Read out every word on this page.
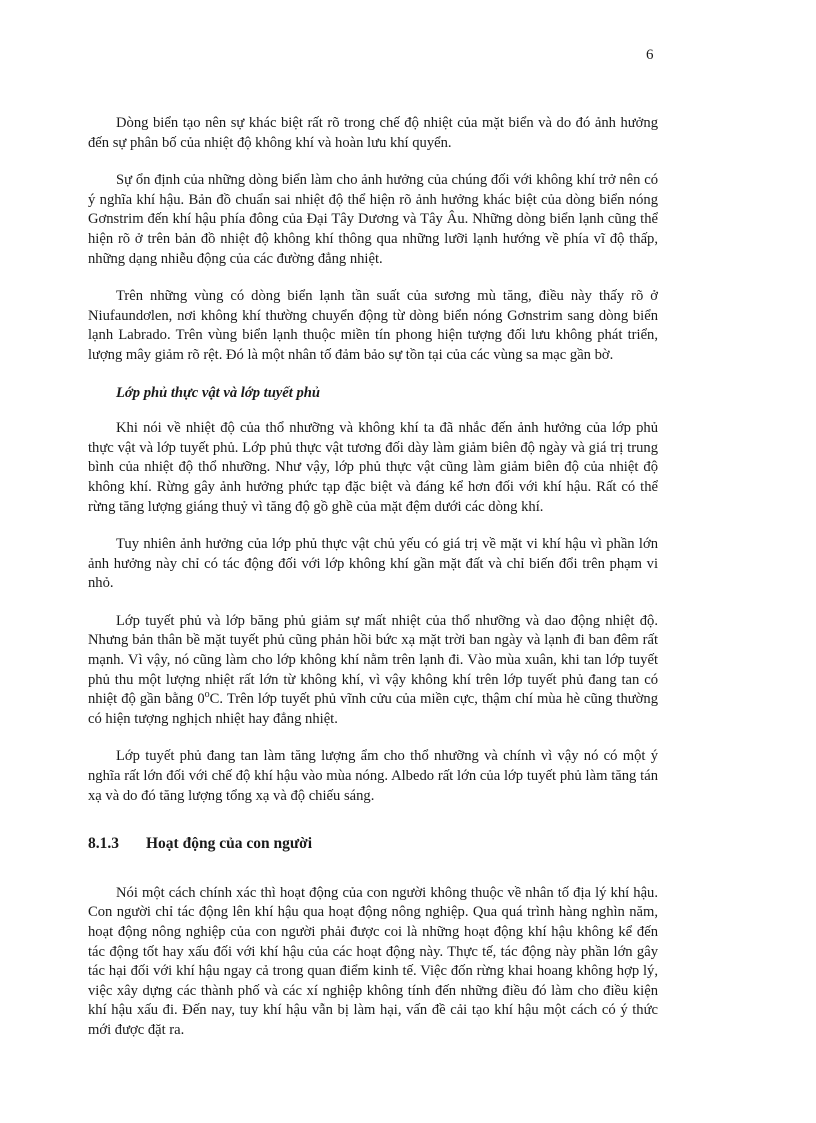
6

Dòng biển tạo nên sự khác biệt rất rõ trong chế độ nhiệt của mặt biển và do đó ảnh hưởng đến sự phân bố của nhiệt độ không khí và hoàn lưu khí quyển.

Sự ổn định của những dòng biển làm cho ảnh hưởng của chúng đối với không khí trở nên có ý nghĩa khí hậu. Bản đồ chuẩn sai nhiệt độ thể hiện rõ ảnh hưởng khác biệt của dòng biển nóng Gơnstrim đến khí hậu phía đông của Đại Tây Dương và Tây Âu. Những dòng biển lạnh cũng thể hiện rõ ở trên bản đồ nhiệt độ không khí thông qua những lưỡi lạnh hướng về phía vĩ độ thấp, những dạng nhiễu động của các đường đẳng nhiệt.

Trên những vùng có dòng biển lạnh tần suất của sương mù tăng, điều này thấy rõ ở Niufaundơlen, nơi không khí thường chuyển động từ dòng biển nóng Gơnstrim sang dòng biển lạnh Labrado. Trên vùng biển lạnh thuộc miền tín phong hiện tượng đối lưu không phát triển, lượng mây giảm rõ rệt. Đó là một nhân tố đảm bảo sự tồn tại của các vùng sa mạc gần bờ.

Lớp phủ thực vật và lớp tuyết phủ

Khi nói về nhiệt độ của thổ nhưỡng và không khí ta đã nhắc đến ảnh hưởng của lớp phủ thực vật và lớp tuyết phủ. Lớp phủ thực vật tương đối dày làm giảm biên độ ngày và giá trị trung bình của nhiệt độ thổ nhưỡng. Như vậy, lớp phủ thực vật cũng làm giảm biên độ của nhiệt độ không khí. Rừng gây ảnh hưởng phức tạp đặc biệt và đáng kể hơn đối với khí hậu. Rất có thể rừng tăng lượng giáng thuỷ vì tăng độ gồ ghề của mặt đệm dưới các dòng khí.

Tuy nhiên ảnh hưởng của lớp phủ thực vật chủ yếu có giá trị về mặt vi khí hậu vì phần lớn ảnh hưởng này chỉ có tác động đối với lớp không khí gần mặt đất và chỉ biến đổi trên phạm vi nhỏ.

Lớp tuyết phủ và lớp băng phủ giảm sự mất nhiệt của thổ nhưỡng và dao động nhiệt độ. Nhưng bản thân bề mặt tuyết phủ cũng phản hồi bức xạ mặt trời ban ngày và lạnh đi ban đêm rất mạnh. Vì vậy, nó cũng làm cho lớp không khí nằm trên lạnh đi. Vào mùa xuân, khi tan lớp tuyết phủ thu một lượng nhiệt rất lớn từ không khí, vì vậy không khí trên lớp tuyết phủ đang tan có nhiệt độ gần bằng 0$^o$C. Trên lớp tuyết phủ vĩnh cửu của miền cực, thậm chí mùa hè cũng thường có hiện tượng nghịch nhiệt hay đẳng nhiệt.

Lớp tuyết phủ đang tan làm tăng lượng ẩm cho thổ nhưỡng và chính vì vậy nó có một ý nghĩa rất lớn đối với chế độ khí hậu vào mùa nóng. Albedo rất lớn của lớp tuyết phủ làm tăng tán xạ và do đó tăng lượng tổng xạ và độ chiếu sáng.

8.1.3	Hoạt động của con người

Nói một cách chính xác thì hoạt động của con người không thuộc về nhân tố địa lý khí hậu. Con người chỉ tác động lên khí hậu qua hoạt động nông nghiệp. Qua quá trình hàng nghìn năm, hoạt động nông nghiệp của con người phải được coi là những hoạt động khí hậu không kể đến tác động tốt hay xấu đối với khí hậu của các hoạt động này. Thực tế, tác động này phần lớn gây tác hại đối với khí hậu ngay cả trong quan điểm kinh tế. Việc đốn rừng khai hoang không hợp lý, việc xây dựng các thành phố và các xí nghiệp không tính đến những điều đó làm cho điều kiện khí hậu xấu đi. Đến nay, tuy khí hậu vẫn bị làm hại, vấn đề cải tạo khí hậu một cách có ý thức mới được đặt ra.
